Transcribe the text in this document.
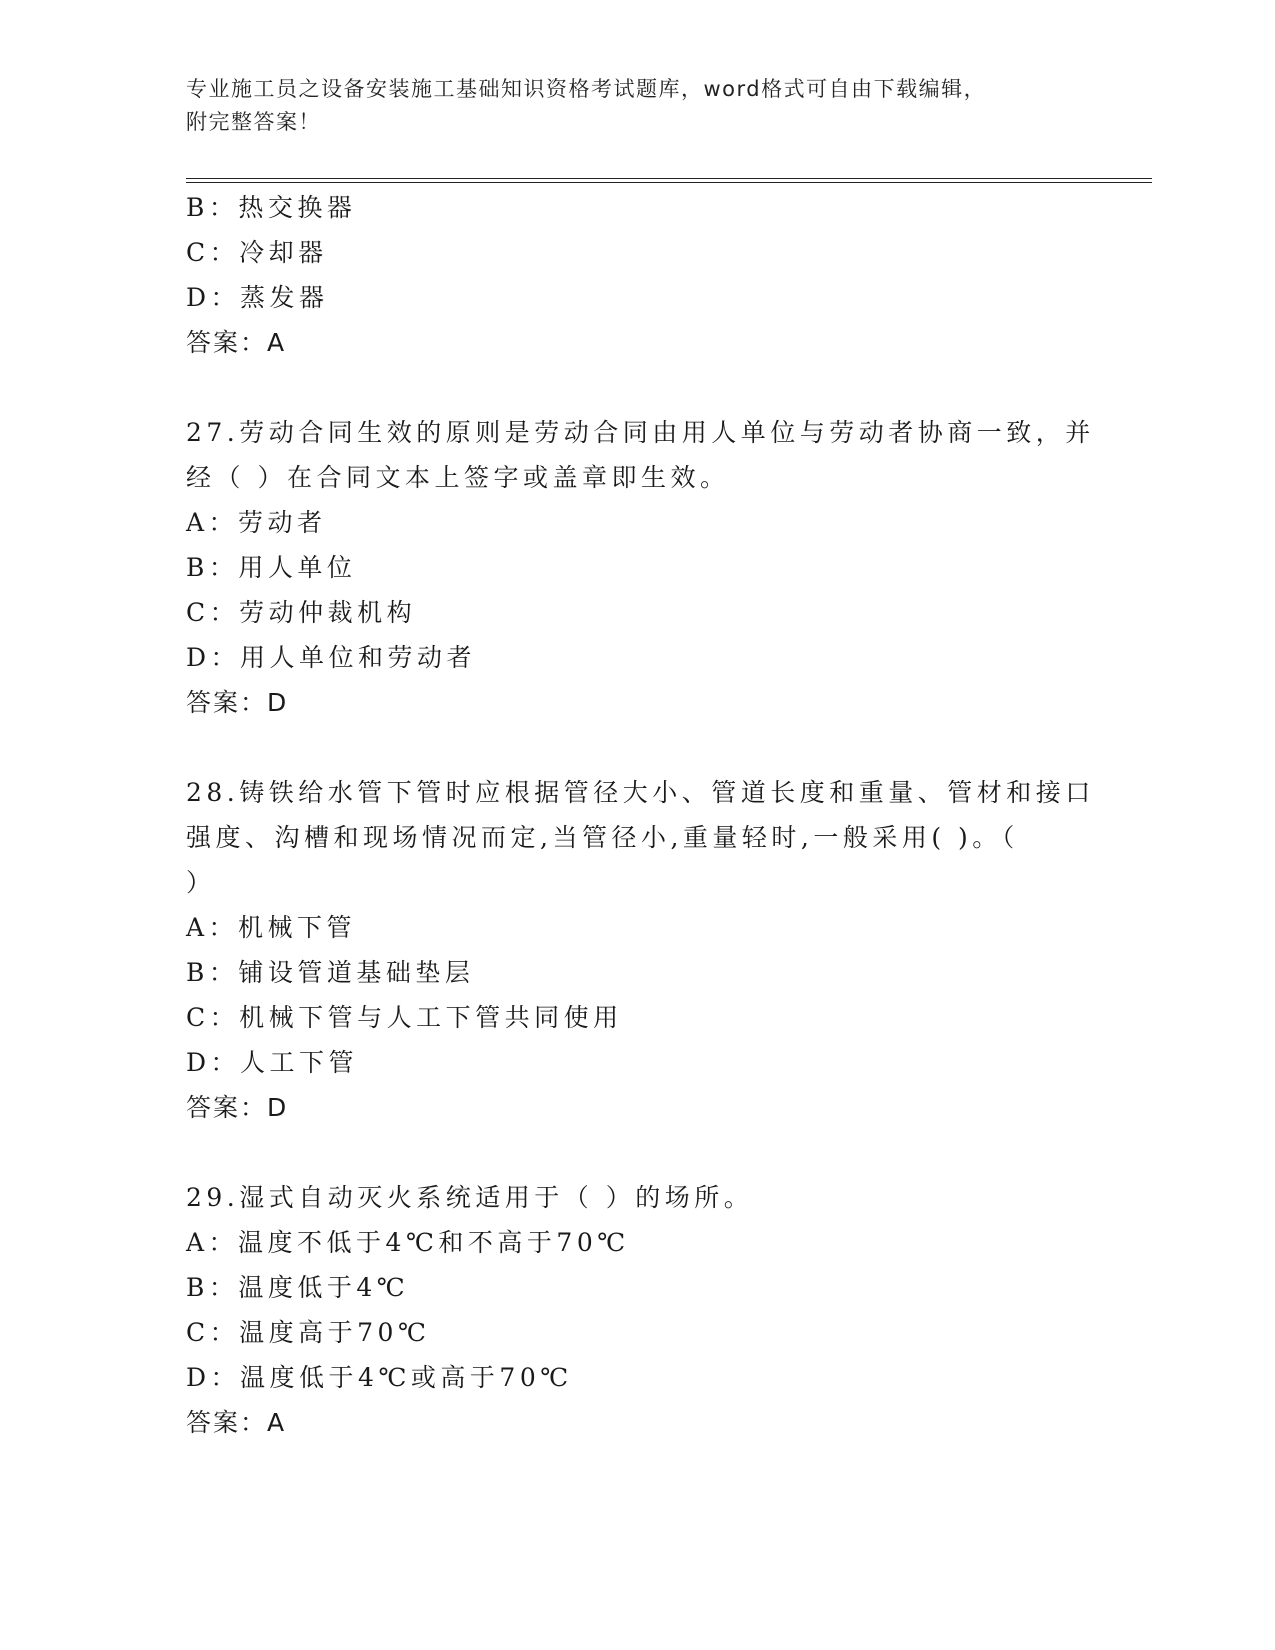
专业施工员之设备安装施工基础知识资格考试题库，word格式可自由下载编辑，
附完整答案！
B：热交换器
C：冷却器
D：蒸发器
答案：A
27.劳动合同生效的原则是劳动合同由用人单位与劳动者协商一致，并
经（ ）在合同文本上签字或盖章即生效。
A：劳动者
B：用人单位
C：劳动仲裁机构
D：用人单位和劳动者
答案：D
28.铸铁给水管下管时应根据管径大小、管道长度和重量、管材和接口
强度、沟槽和现场情况而定,当管径小,重量轻时,一般采用( )。（
）
A：机械下管
B：铺设管道基础垫层
C：机械下管与人工下管共同使用
D：人工下管
答案：D
29.湿式自动灭火系统适用于（ ）的场所。
A：温度不低于4℃和不高于70℃
B：温度低于4℃
C：温度高于70℃
D：温度低于4℃或高于70℃
答案：A
